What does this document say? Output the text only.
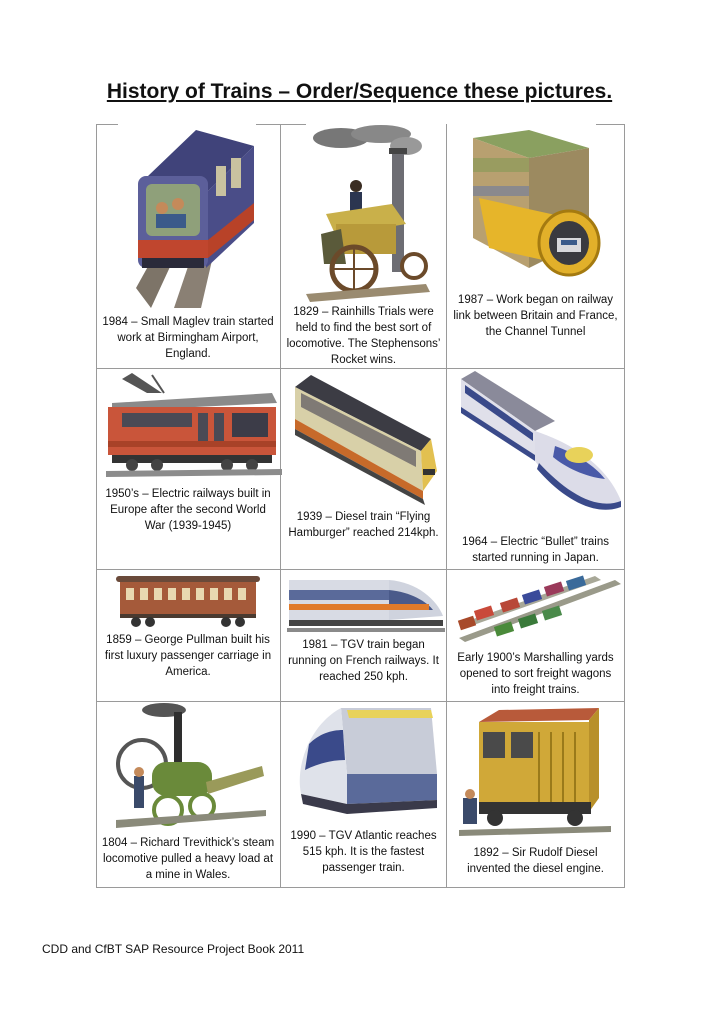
History of Trains – Order/Sequence these pictures.
1984 – Small Maglev train started work at Birmingham Airport, England.
1829 – Rainhills Trials were held to find the best sort of locomotive. The Stephensons’ Rocket wins.
1987 – Work began on railway link between Britain and France, the Channel Tunnel
1950’s – Electric railways built in Europe after the second World War (1939-1945)
1939 – Diesel train “Flying Hamburger” reached 214kph.
1964 – Electric “Bullet” trains started running in Japan.
1859 – George Pullman built his first luxury passenger carriage in America.
1981 – TGV train began running on French railways. It reached 250 kph.
Early 1900’s Marshalling yards opened to sort freight wagons into freight trains.
1804 – Richard Trevithick’s steam locomotive pulled a heavy load at a mine in Wales.
1990 – TGV Atlantic reaches 515 kph. It is the fastest passenger train.
1892 – Sir Rudolf Diesel invented the diesel engine.
CDD and CfBT SAP Resource Project Book 2011
